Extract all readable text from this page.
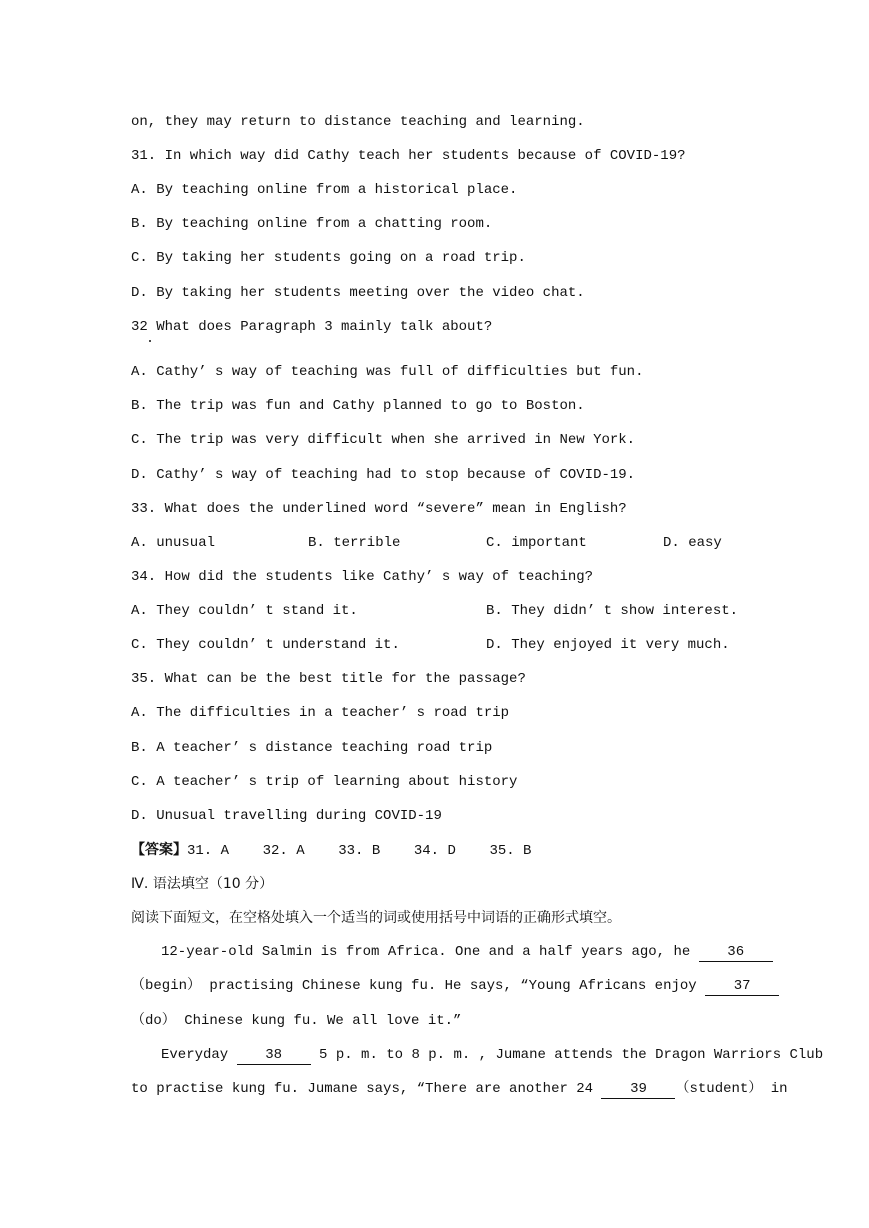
on, they may return to distance teaching and learning.
31. In which way did Cathy teach her students because of COVID-19?
A. By teaching online from a historical place.
B. By teaching online from a chatting room.
C. By taking her students going on a road trip.
D. By taking her students meeting over the video chat.
32 What does Paragraph 3 mainly talk about?
A. Cathy’ s way of teaching was full of difficulties but fun.
B. The trip was fun and Cathy planned to go to Boston.
C. The trip was very difficult when she arrived in New York.
D. Cathy’ s way of teaching had to stop because of COVID-19.
33. What does the underlined word “severe” mean in English?
A. unusual	B. terrible	C. important	D. easy
34. How did the students like Cathy’ s way of teaching?
A. They couldn’ t stand it.	B. They didn’ t show interest.
C. They couldn’ t understand it.	D. They enjoyed it very much.
35. What can be the best title for the passage?
A. The difficulties in a teacher’ s road trip
B. A teacher’ s distance teaching road trip
C. A teacher’ s trip of learning about history
D. Unusual travelling during COVID-19
【答案】31. A    32. A    33. B    34. D    35. B
Ⅳ. 语法填空（10 分）
阅读下面短文，在空格处填入一个适当的词或使用括号中词语的正确形式填空。
12-year-old Salmin is from Africa. One and a half years ago, he	36
（begin） practising Chinese kung fu. He says, “Young Africans enjoy	37
（do） Chinese kung fu. We all love it.”
Everyday	38	5 p. m. to 8 p. m. , Jumane attends the Dragon Warriors Club
to practise kung fu. Jumane says, “There are another 24	39 （student） in
